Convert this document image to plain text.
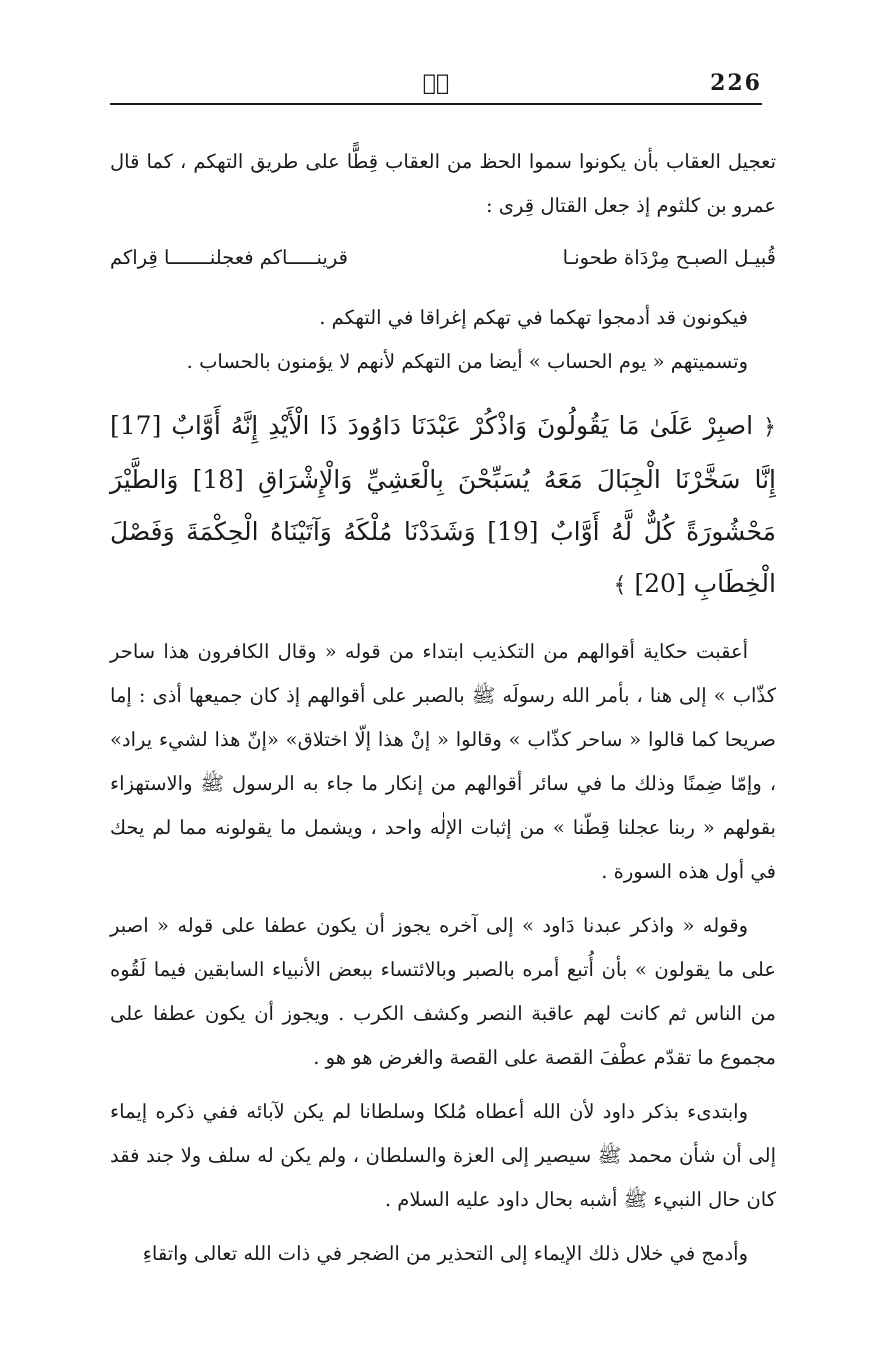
226
صۤ

تعجيل العقاب بأن يكونوا سموا الحظ من العقاب قِطًّا على طريق التهكم ، كما قال عمرو بن كلثوم إذ جعل القتال قِرى :

قُبيـل الصبـح مِرْدَاة طحونـا
قرينـــــاكم فعجلنـــــــا قِراكم

فيكونون قد أدمجوا تهكما في تهكم إغراقا في التهكم .

وتسميتهم « يوم الحساب » أيضا من التهكم لأنهم لا يؤمنون بالحساب .

﴿ اصبِرْ عَلَىٰ مَا يَقُولُونَ وَاذْكُرْ عَبْدَنَا دَاوُودَ ذَا الْأَيْدِ إِنَّهُ أَوَّابٌ [17] إِنَّا سَخَّرْنَا الْجِبَالَ مَعَهُ يُسَبِّحْنَ بِالْعَشِيِّ وَالْإِشْرَاقِ [18] وَالطَّيْرَ مَحْشُورَةً كُلٌّ لَّهُ أَوَّابٌ [19] وَشَدَدْنَا مُلْكَهُ وَآتَيْنَاهُ الْحِكْمَةَ وَفَصْلَ الْخِطَابِ [20] ﴾

أعقبت حكاية أقوالهم من التكذيب ابتداء من قوله « وقال الكافرون هذا ساحر كذّاب » إلى هنا ، بأمر الله رسولَه ﷺ بالصبر على أقوالهم إذ كان جميعها أذى : إما صريحا كما قالوا « ساحر كذّاب » وقالوا « إنْ هذا إلّا اختلاق» «إنّ هذا لشيء يراد» ، وإمّا ضِمنًا وذلك ما في سائر أقوالهم من إنكار ما جاء به الرسول ﷺ والاستهزاء بقولهم « ربنا عجلنا قِطّنا » من إثبات الإلٰه واحد ، ويشمل ما يقولونه مما لم يحك في أول هذه السورة .

وقوله « واذكر عبدنا دَاود » إلى آخره يجوز أن يكون عطفا على قوله « اصبر على ما يقولون » بأن أُتبع أمره بالصبر وبالائتساء ببعض الأنبياء السابقين فيما لَقُوه من الناس ثم كانت لهم عاقبة النصر وكشف الكرب . ويجوز أن يكون عطفا على مجموع ما تقدّم عطْفَ القصة على القصة والغرض هو هو .

وابتدىء بذكر داود لأن الله أعطاه مُلكا وسلطانا لم يكن لآبائه ففي ذكره إيماء إلى أن شأن محمد ﷺ سيصير إلى العزة والسلطان ، ولم يكن له سلف ولا جند فقد كان حال النبيء ﷺ أشبه بحال داود عليه السلام .

وأدمج في خلال ذلك الإيماء إلى التحذير من الضجر في ذات الله تعالى واتقاءِ
